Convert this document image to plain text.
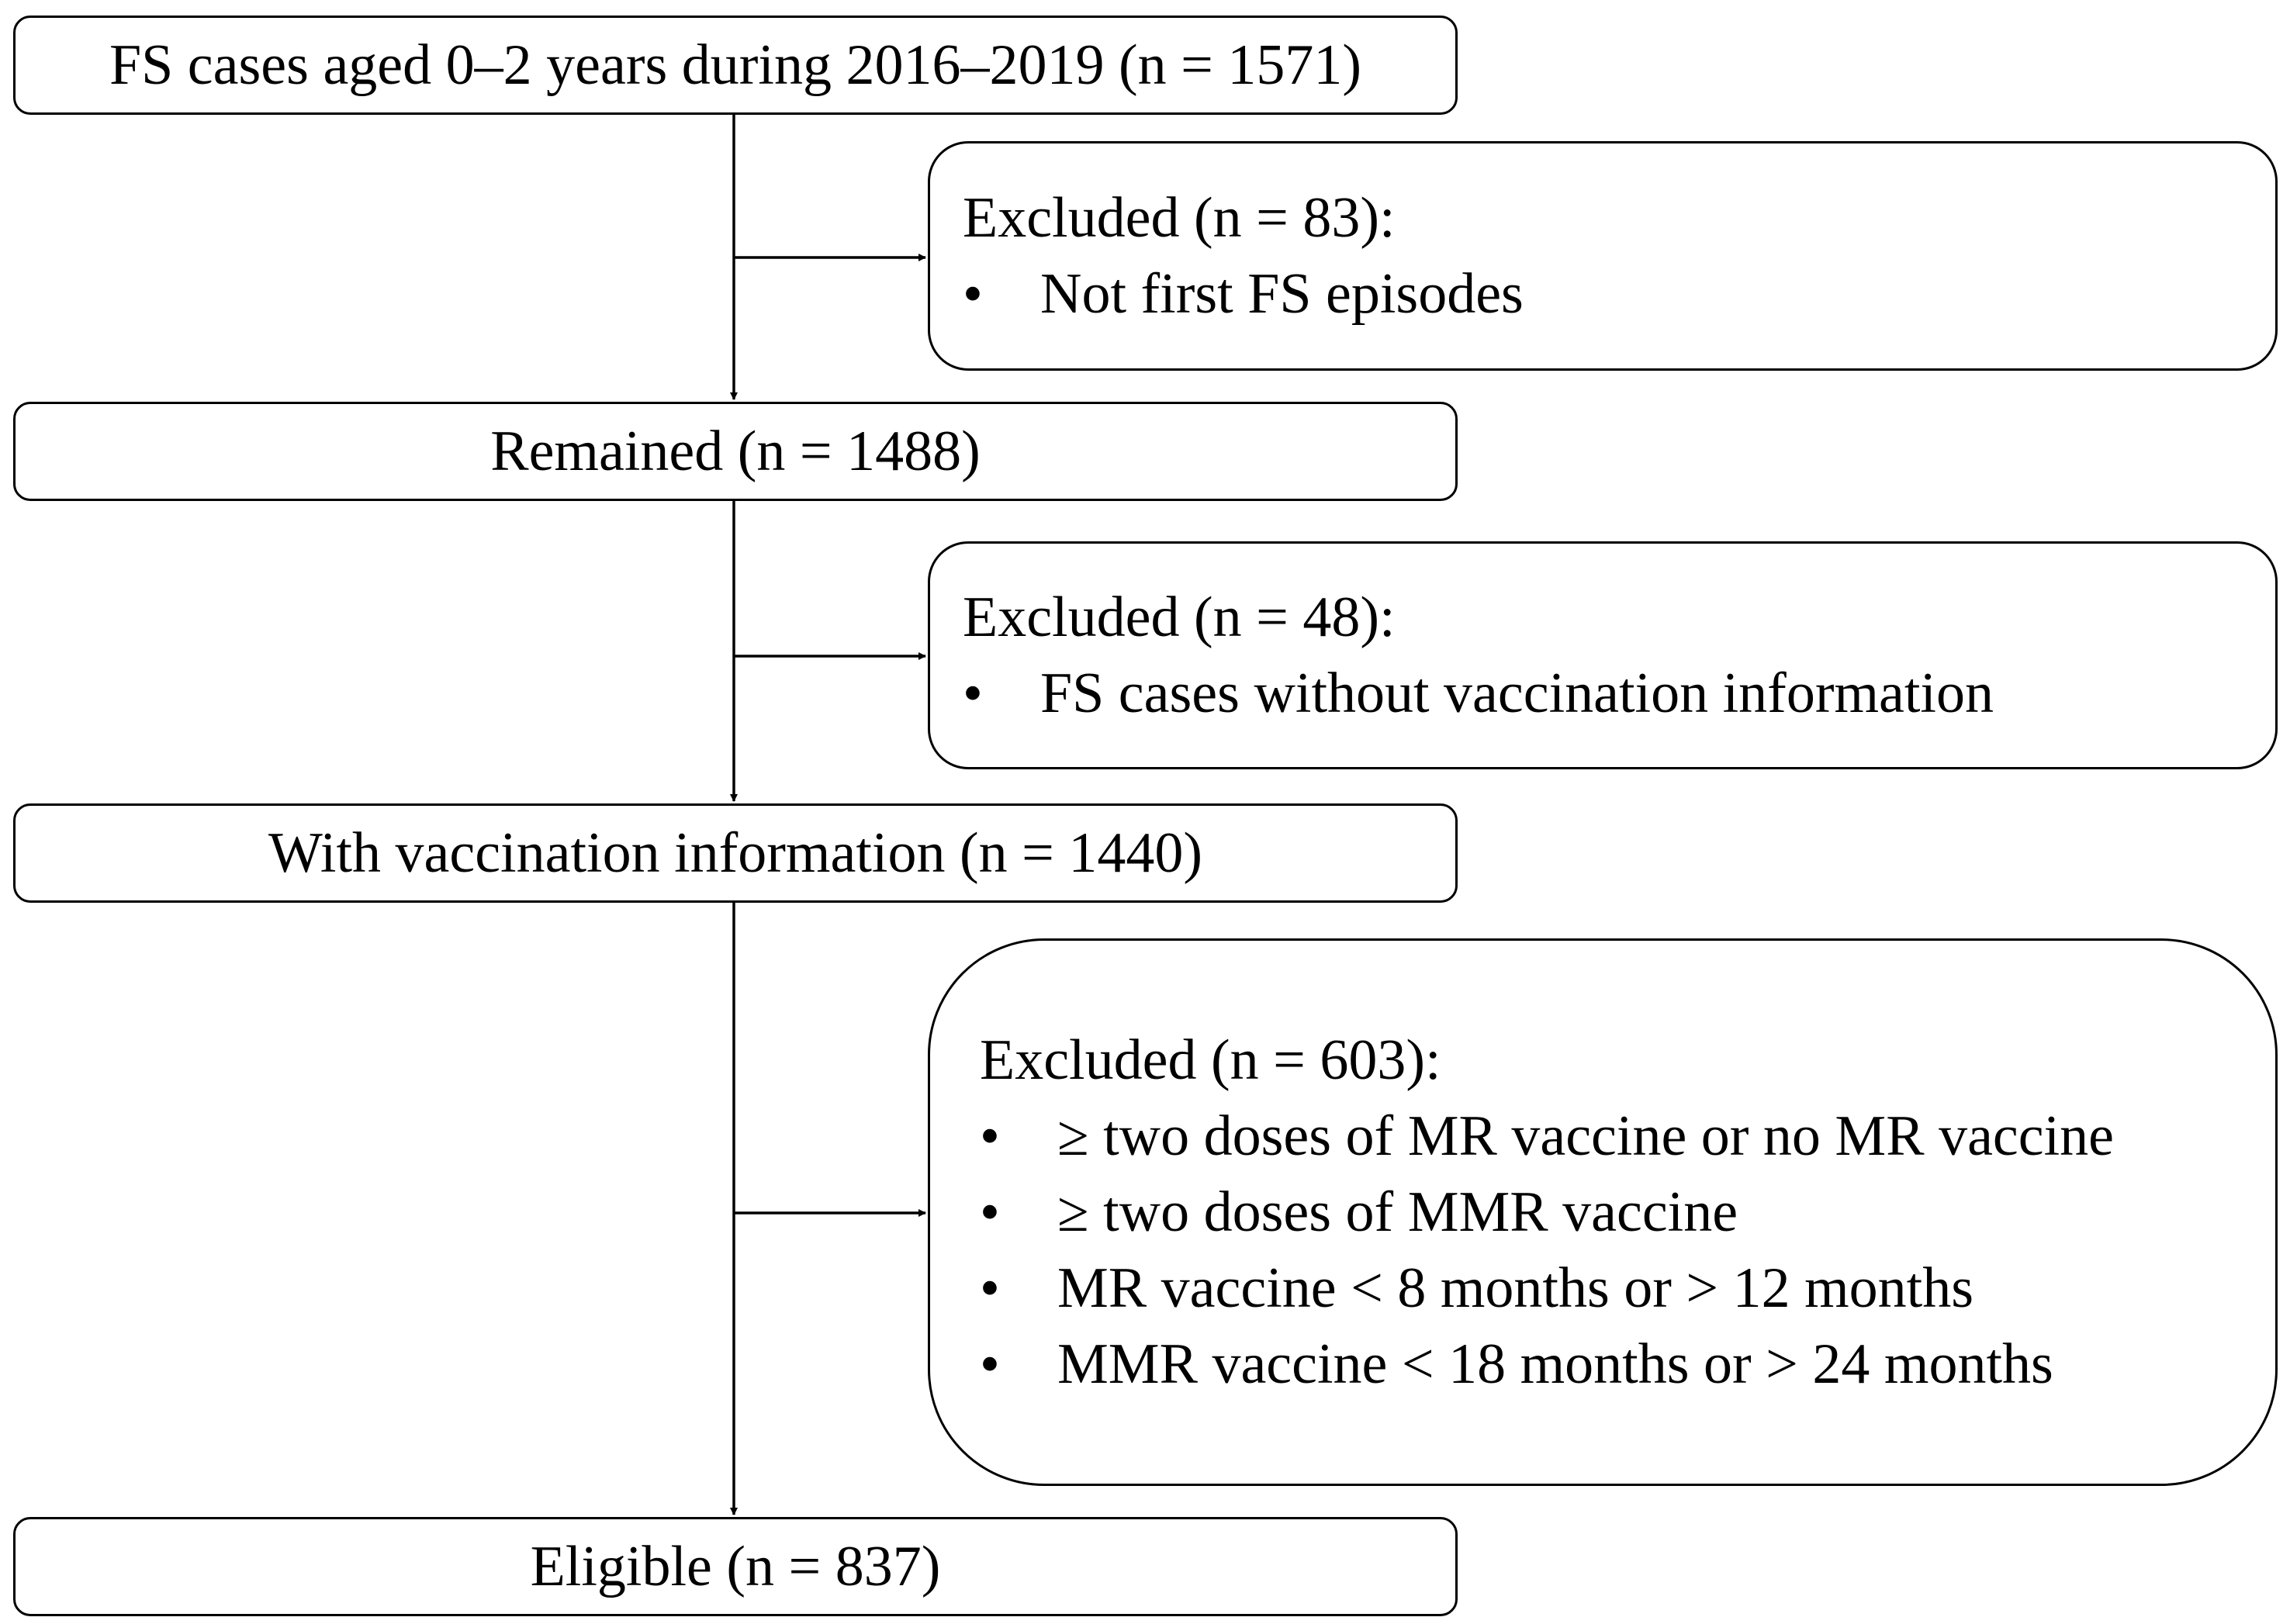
FS cases aged 0–2 years during 2016–2019 (n = 1571)
Remained (n = 1488)
With vaccination information (n = 1440)
Eligible (n = 837)
Excluded (n = 83):
•	Not first FS episodes
Excluded (n = 48):
•	FS cases without vaccination information
Excluded (n = 603):
•	≥ two doses of MR vaccine or no MR vaccine
•	≥ two doses of MMR vaccine
•	MR vaccine < 8 months or > 12 months
•	MMR vaccine < 18 months or > 24 months
